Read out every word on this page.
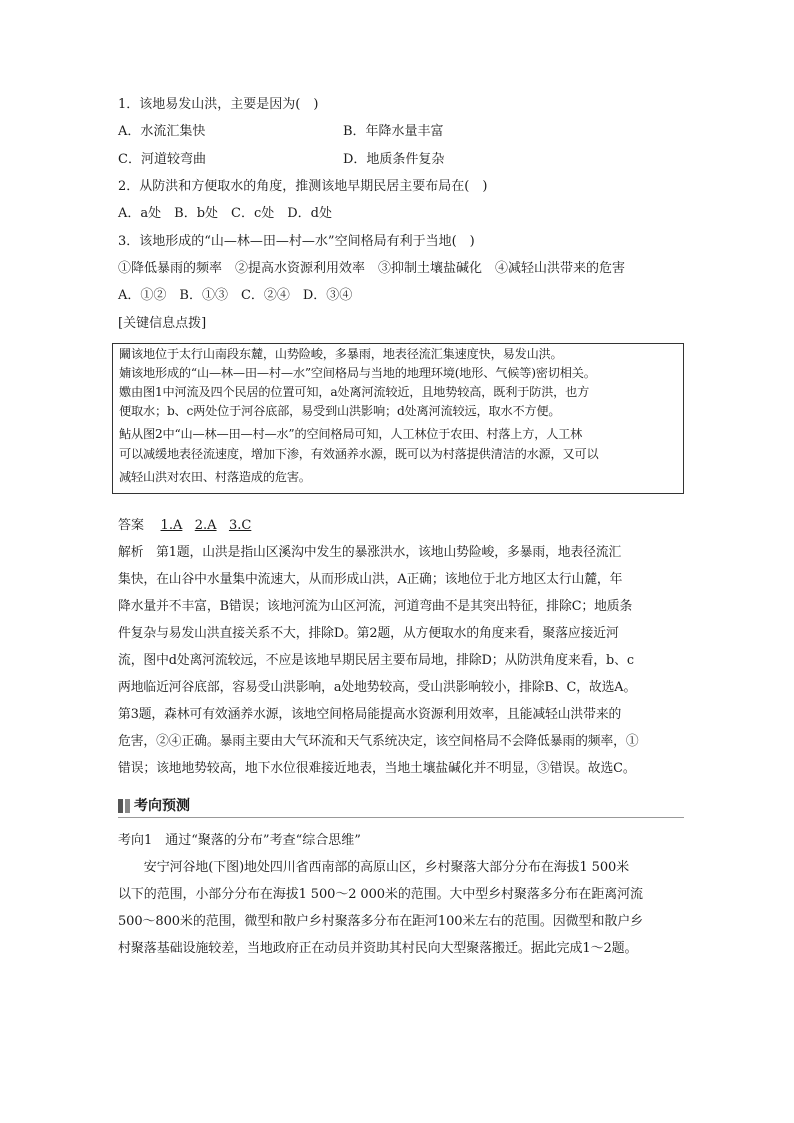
1．该地易发山洪，主要是因为(　)
A．水流汇集快	B．年降水量丰富
C．河道较弯曲	D．地质条件复杂
2．从防洪和方便取水的角度，推测该地早期民居主要布局在(　)
A．a处　B．b处　C．c处　D．d处
3．该地形成的“山—林—田—村—水”空间格局有利于当地(　)
①降低暴雨的频率　②提高水资源利用效率　③抑制土壤盐碱化　④减轻山洪带来的危害
A．①②　B．①③　C．②④　D．③④
[关键信息点拨]
鬫该地位于太行山南段东麓，山势险峻，多暴雨，地表径流汇集速度快，易发山洪。
婻该地形成的“山—林—田—村—水”空间格局与当地的地理环境(地形、气候等)密切相关。
嫐由图1中河流及四个民居的位置可知，a处离河流较近，且地势较高，既利于防洪，也方
便取水；b、c两处位于河谷底部，易受到山洪影响；d处离河流较远，取水不方便。
鲇从图2中“山—林—田—村—水”的空间格局可知，人工林位于农田、村落上方，人工林
可以减缓地表径流速度，增加下渗，有效涵养水源，既可以为村落提供清洁的水源，又可以
减轻山洪对农田、村落造成的危害。
答案 1.A 2.A 3.C
解析　第1题，山洪是指山区溪沟中发生的暴涨洪水，该地山势险峻，多暴雨，地表径流汇
集快，在山谷中水量集中流速大，从而形成山洪，A正确；该地位于北方地区太行山麓，年
降水量并不丰富，B错误；该地河流为山区河流，河道弯曲不是其突出特征，排除C；地质条
件复杂与易发山洪直接关系不大，排除D。第2题，从方便取水的角度来看，聚落应接近河
流，图中d处离河流较远，不应是该地早期民居主要布局地，排除D；从防洪角度来看，b、c
两地临近河谷底部，容易受山洪影响，a处地势较高，受山洪影响较小，排除B、C，故选A。
第3题，森林可有效涵养水源，该地空间格局能提高水资源利用效率，且能减轻山洪带来的
危害，②④正确。暴雨主要由大气环流和天气系统决定，该空间格局不会降低暴雨的频率，①
错误；该地地势较高，地下水位很难接近地表，当地土壤盐碱化并不明显，③错误。故选C。
考向预测
考向1　通过“聚落的分布”考查“综合思维”
　　安宁河谷地(下图)地处四川省西南部的高原山区，乡村聚落大部分分布在海拔1 500米
以下的范围，小部分分布在海拔1 500～2 000米的范围。大中型乡村聚落多分布在距离河流
500～800米的范围，微型和散户乡村聚落多分布在距河100米左右的范围。因微型和散户乡
村聚落基础设施较差，当地政府正在动员并资助其村民向大型聚落搬迁。据此完成1～2题。
